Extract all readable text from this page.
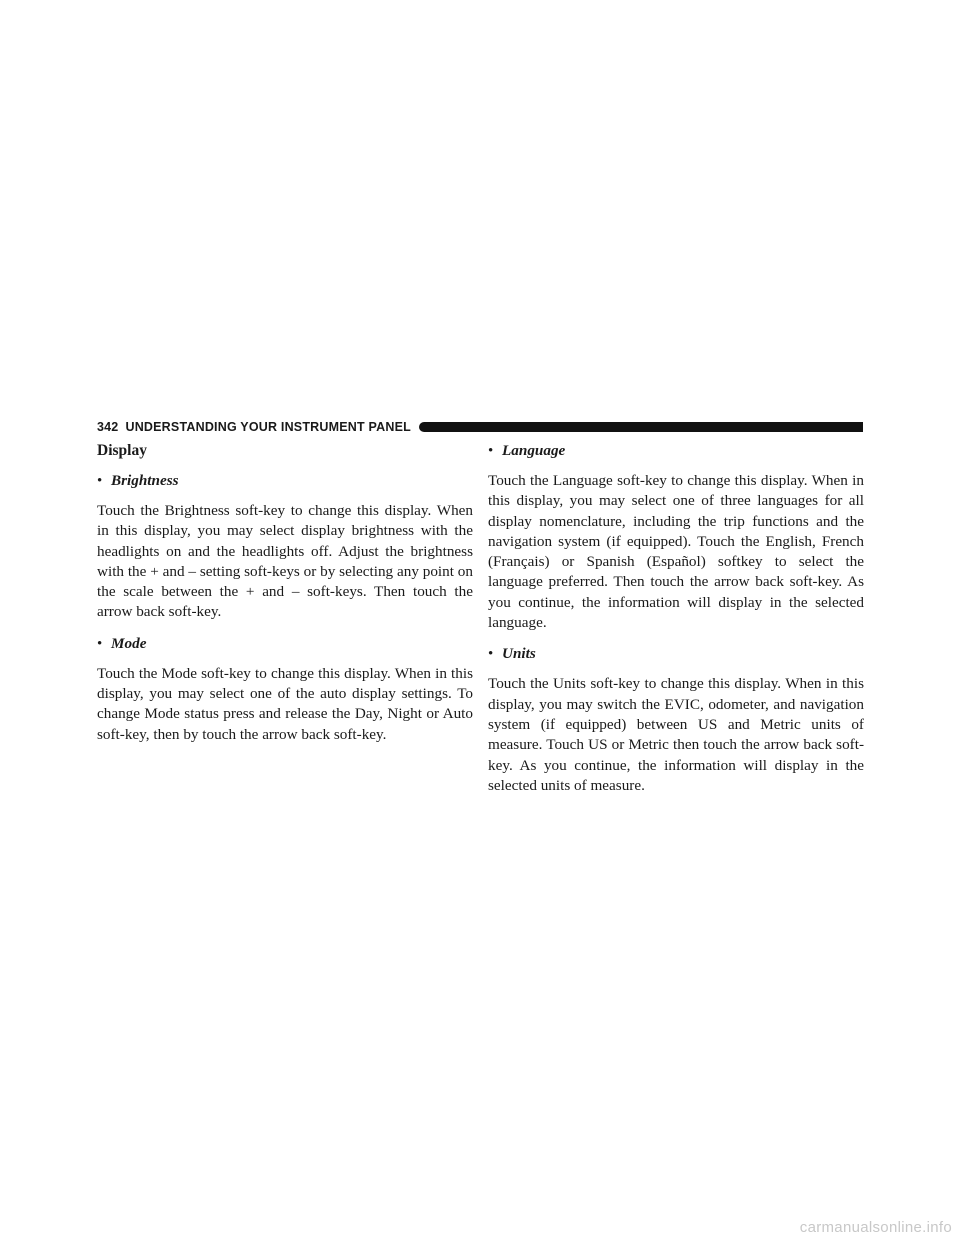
342 UNDERSTANDING YOUR INSTRUMENT PANEL
Display
• Brightness

Touch the Brightness soft-key to change this display. When in this display, you may select display brightness with the headlights on and the headlights off. Adjust the brightness with the + and – setting soft-keys or by selecting any point on the scale between the + and – soft-keys. Then touch the arrow back soft-key.

• Mode

Touch the Mode soft-key to change this display. When in this display, you may select one of the auto display settings. To change Mode status press and release the Day, Night or Auto soft-key, then by touch the arrow back soft-key.

• Language

Touch the Language soft-key to change this display. When in this display, you may select one of three languages for all display nomenclature, including the trip functions and the navigation system (if equipped). Touch the English, French (Français) or Spanish (Español) softkey to select the language preferred. Then touch the arrow back soft-key. As you continue, the information will display in the selected language.

• Units

Touch the Units soft-key to change this display. When in this display, you may switch the EVIC, odometer, and navigation system (if equipped) between US and Metric units of measure. Touch US or Metric then touch the arrow back soft-key. As you continue, the information will display in the selected units of measure.

carmanualsonline.info
